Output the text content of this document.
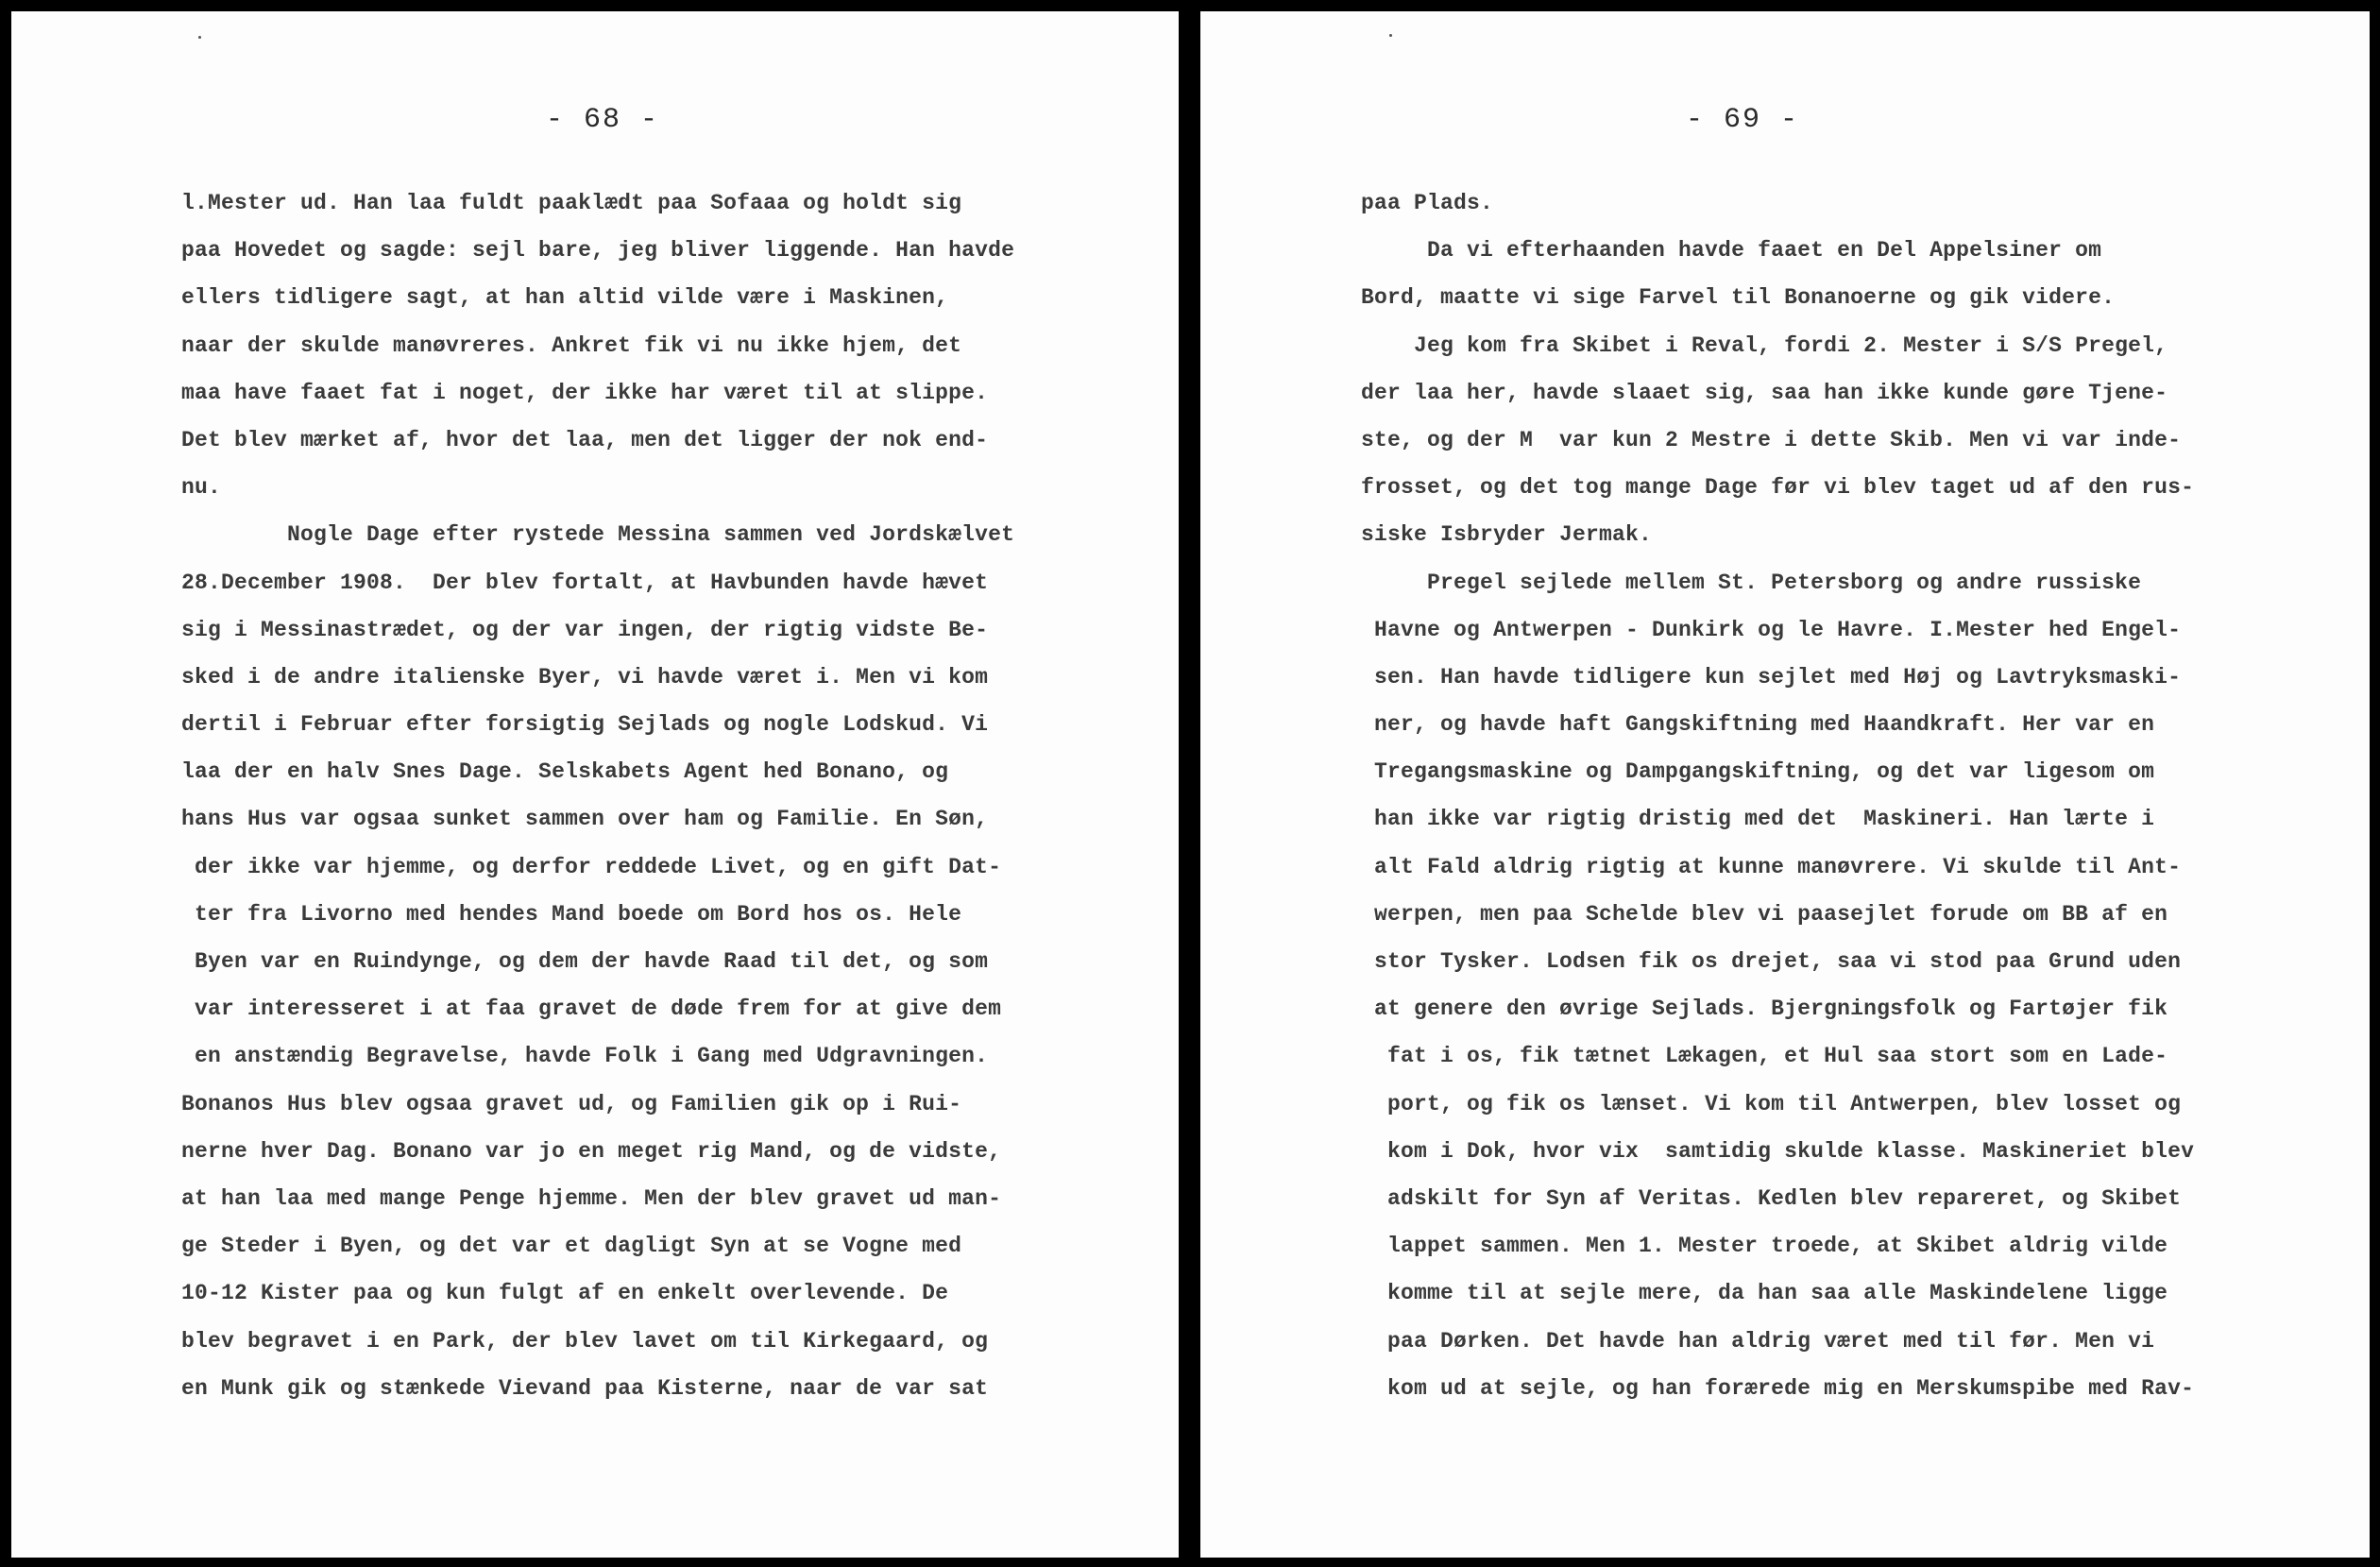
- 68 -
l.Mester ud. Han laa fuldt paaklædt paa Sofaaa og holdt sig
paa Hovedet og sagde: sejl bare, jeg bliver liggende. Han havde
ellers tidligere sagt, at han altid vilde være i Maskinen,
naar der skulde manøvreres. Ankret fik vi nu ikke hjem, det
maa have faaet fat i noget, der ikke har været til at slippe.
Det blev mærket af, hvor det laa, men det ligger der nok end-
nu.
Nogle Dage efter rystede Messina sammen ved Jordskælvet
28.December 1908.  Der blev fortalt, at Havbunden havde hævet
sig i Messinastrædet, og der var ingen, der rigtig vidste Be-
sked i de andre italienske Byer, vi havde været i. Men vi kom
dertil i Februar efter forsigtig Sejlads og nogle Lodskud. Vi
laa der en halv Snes Dage. Selskabets Agent hed Bonano, og
hans Hus var ogsaa sunket sammen over ham og Familie. En Søn,
der ikke var hjemme, og derfor reddede Livet, og en gift Dat-
ter fra Livorno med hendes Mand boede om Bord hos os. Hele
Byen var en Ruindynge, og dem der havde Raad til det, og som
var interesseret i at faa gravet de døde frem for at give dem
en anstændig Begravelse, havde Folk i Gang med Udgravningen.
Bonanos Hus blev ogsaa gravet ud, og Familien gik op i Rui-
nerne hver Dag. Bonano var jo en meget rig Mand, og de vidste,
at han laa med mange Penge hjemme. Men der blev gravet ud man-
ge Steder i Byen, og det var et dagligt Syn at se Vogne med
10-12 Kister paa og kun fulgt af en enkelt overlevende. De
blev begravet i en Park, der blev lavet om til Kirkegaard, og
en Munk gik og stænkede Vievand paa Kisterne, naar de var sat
- 69 -
paa Plads.
Da vi efterhaanden havde faaet en Del Appelsiner om
Bord, maatte vi sige Farvel til Bonanoerne og gik videre.
Jeg kom fra Skibet i Reval, fordi 2. Mester i S/S Pregel,
der laa her, havde slaaet sig, saa han ikke kunde gøre Tjene-
ste, og der M  var kun 2 Mestre i dette Skib. Men vi var inde-
frosset, og det tog mange Dage før vi blev taget ud af den rus-
siske Isbryder Jermak.
Pregel sejlede mellem St. Petersborg og andre russiske
Havne og Antwerpen - Dunkirk og le Havre. I.Mester hed Engel-
sen. Han havde tidligere kun sejlet med Høj og Lavtryksmaski-
ner, og havde haft Gangskiftning med Haandkraft. Her var en
Tregangsmaskine og Dampgangskiftning, og det var ligesom om
han ikke var rigtig dristig med det  Maskineri. Han lærte i
alt Fald aldrig rigtig at kunne manøvrere. Vi skulde til Ant-
werpen, men paa Schelde blev vi paasejlet forude om BB af en
stor Tysker. Lodsen fik os drejet, saa vi stod paa Grund uden
at genere den øvrige Sejlads. Bjergningsfolk og Fartøjer fik
fat i os, fik tætnet Lækagen, et Hul saa stort som en Lade-
port, og fik os lænset. Vi kom til Antwerpen, blev losset og
kom i Dok, hvor vix  samtidig skulde klasse. Maskineriet blev
adskilt for Syn af Veritas. Kedlen blev repareret, og Skibet
lappet sammen. Men 1. Mester troede, at Skibet aldrig vilde
komme til at sejle mere, da han saa alle Maskindelene ligge
paa Dørken. Det havde han aldrig været med til før. Men vi
kom ud at sejle, og han forærede mig en Merskumspibe med Rav-
